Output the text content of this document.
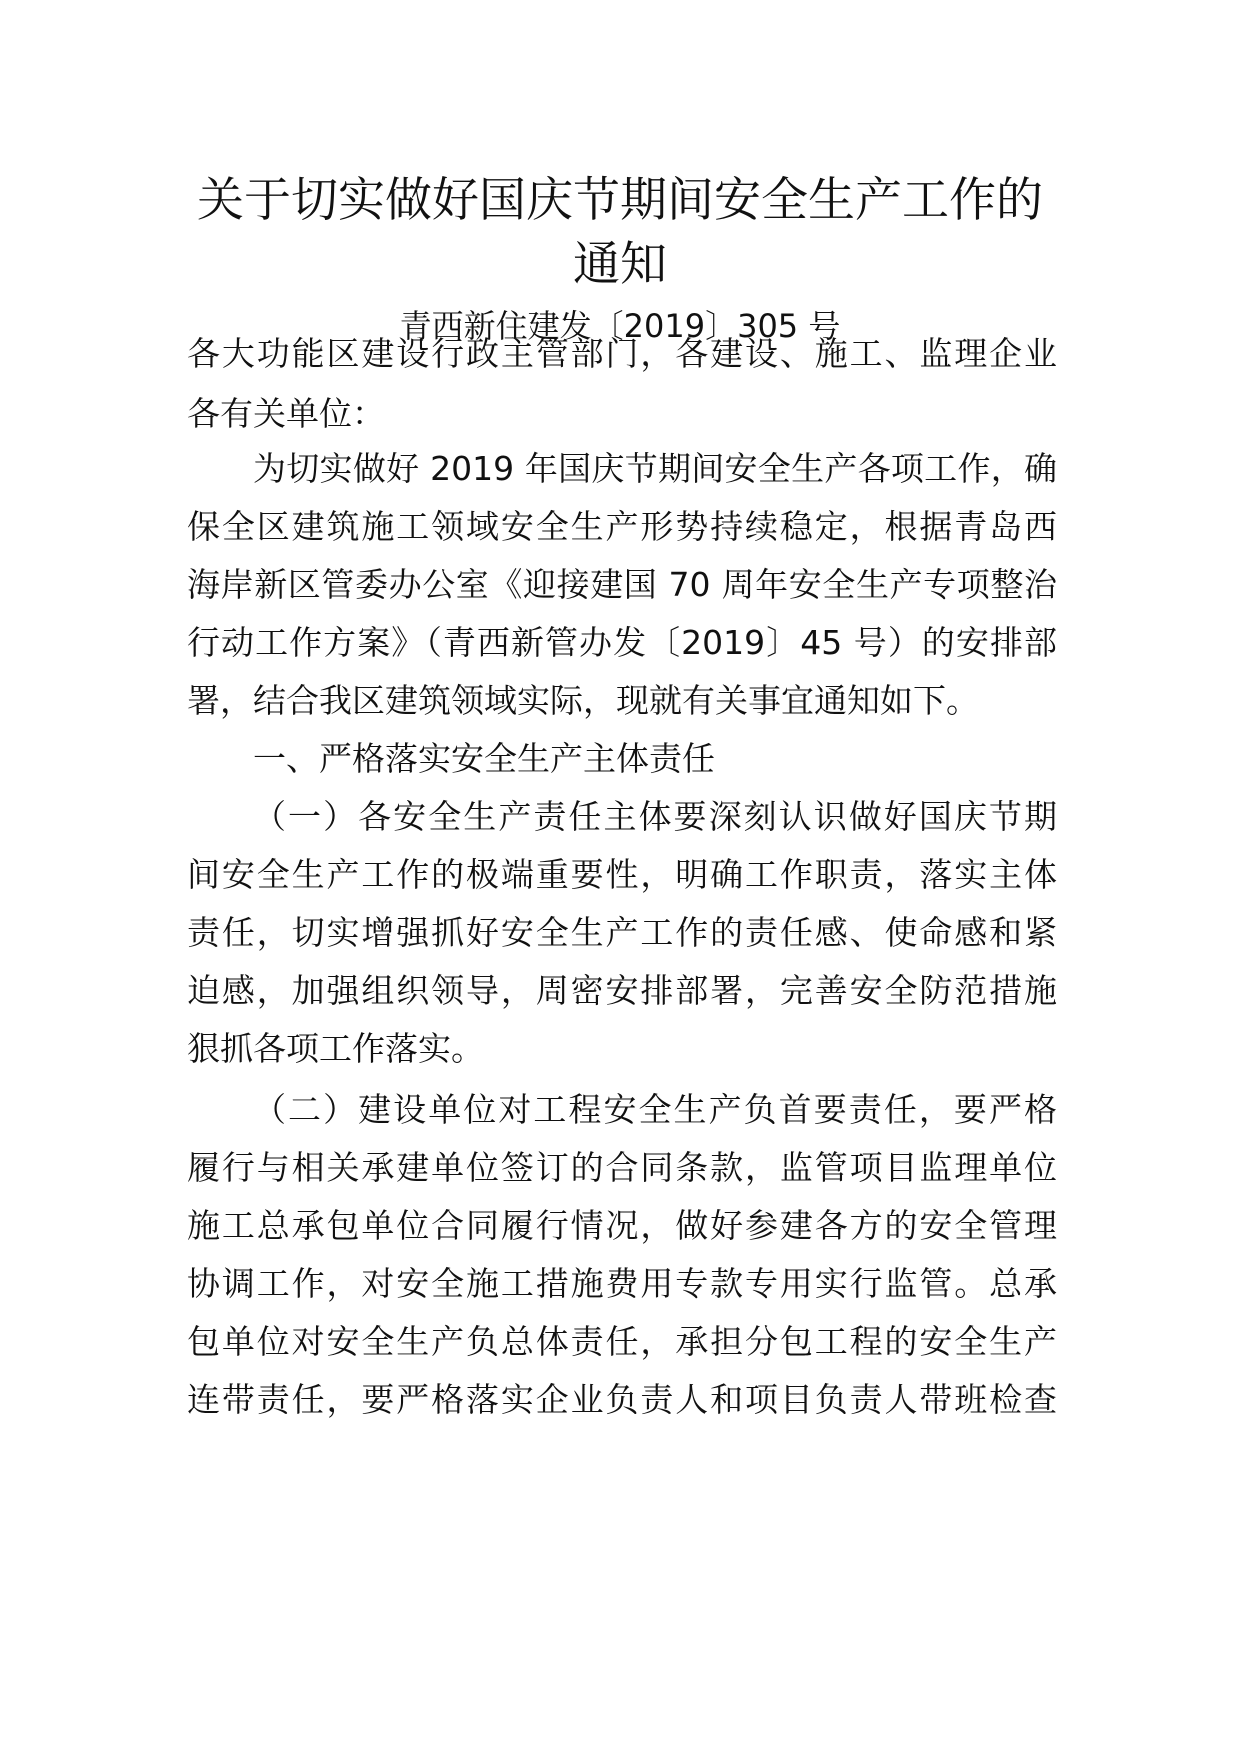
关于切实做好国庆节期间安全生产工作的
通知
青西新住建发〔2019〕305 号
各大功能区建设行政主管部门，各建设、施工、监理企业
各有关单位：
为切实做好 2019 年国庆节期间安全生产各项工作，确
保全区建筑施工领域安全生产形势持续稳定，根据青岛西
海岸新区管委办公室《迎接建国 70 周年安全生产专项整治
行动工作方案》（青西新管办发〔2019〕45 号）的安排部
署，结合我区建筑领域实际，现就有关事宜通知如下。
一、严格落实安全生产主体责任
（一）各安全生产责任主体要深刻认识做好国庆节期
间安全生产工作的极端重要性，明确工作职责，落实主体
责任，切实增强抓好安全生产工作的责任感、使命感和紧
迫感，加强组织领导，周密安排部署，完善安全防范措施
狠抓各项工作落实。
（二）建设单位对工程安全生产负首要责任，要严格
履行与相关承建单位签订的合同条款，监管项目监理单位
施工总承包单位合同履行情况，做好参建各方的安全管理
协调工作，对安全施工措施费用专款专用实行监管。总承
包单位对安全生产负总体责任，承担分包工程的安全生产
连带责任，要严格落实企业负责人和项目负责人带班检查
